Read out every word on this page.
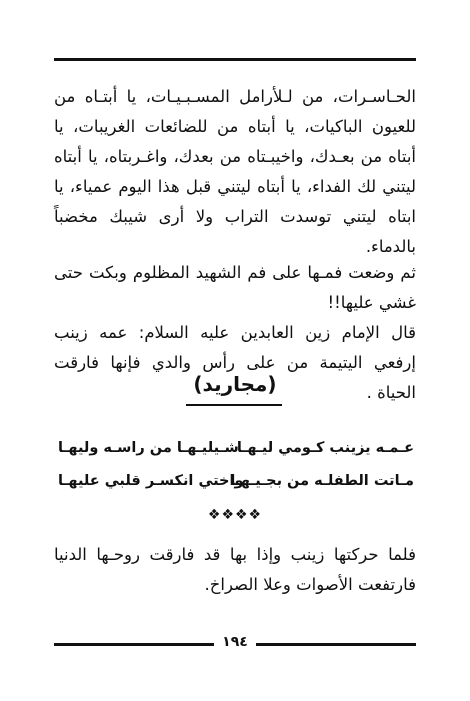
الحـاسـرات، من لـلأرامل المسـبـيـات، يا أبتـاه من للعيون الباكيات، يا أبتاه من للضائعات الغريبات، يا أبتاه من بعـدك، واخيبـتاه من بعدك، واغـربتاه، يا أبتاه ليتني لك الفداء، يا أبتاه ليتني قبل هذا اليوم عمياء، يا ابتاه ليتني توسدت التراب ولا أرى شيبك مخضباً بالدماء.

ثم وضعت فمـها على فم الشهيد المظلوم وبكت حتى غشي عليها!!

قال الإمام زين العابدين عليه السلام: عمه زينب إرفعي اليتيمة من على رأس والدي فإنها فارقت الحياة .

(مجاريد)
عـمـه يزينب كـومي ليـهـا
شـيليـهـا من راسـه وليهـا
مـاتت الطفلـه من بجـيـهـا
واختي انكسـر قلبي عليهـا
❖❖❖❖

فلما حركتها زينب وإذا بها قد فارقت روحـها الدنيا فارتفعت الأصوات وعلا الصراخ.

١٩٤
